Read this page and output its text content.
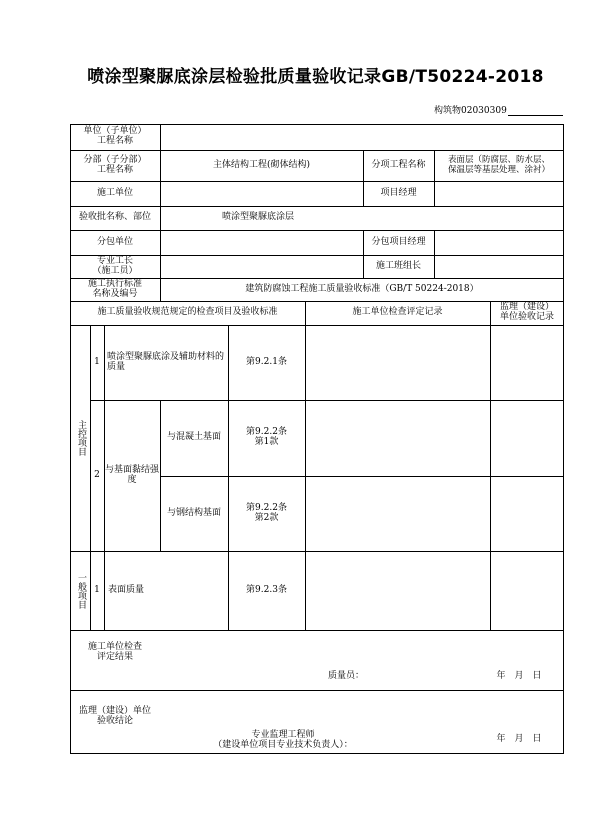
喷涂型聚脲底涂层检验批质量验收记录GB/T50224-2018
构筑物02030309
单位（子单位）
工程名称
分部（子分部）
工程名称	主体结构工程(砌体结构)	分项工程名称	表面层（防腐层、防水层、
保温层等基层处理、涂衬）
施工单位	项目经理
验收批名称、部位	喷涂型聚脲底涂层
分包单位	分包项目经理
专业工长
（施工员）	施工班组长
施工执行标准
名称及编号	建筑防腐蚀工程施工质量验收标准（GB/T 50224-2018）
施工质量验收规范规定的检查项目及验收标准	施工单位检查评定记录	监理（建设）
单位验收记录
主控项目
1 喷涂型聚脲底涂及辅助材料的质量	第9.2.1条
2 与基面黏结强度
与混凝土基面	第9.2.2条
第1款
与钢结构基面	第9.2.2条
第2款
一般项目 1 表面质量	第9.2.3条
施工单位检查
评定结果
质量员：	年　月　日
监理（建设）单位
验收结论
专业监理工程师
（建设单位项目专业技术负责人）：
年　月　日
